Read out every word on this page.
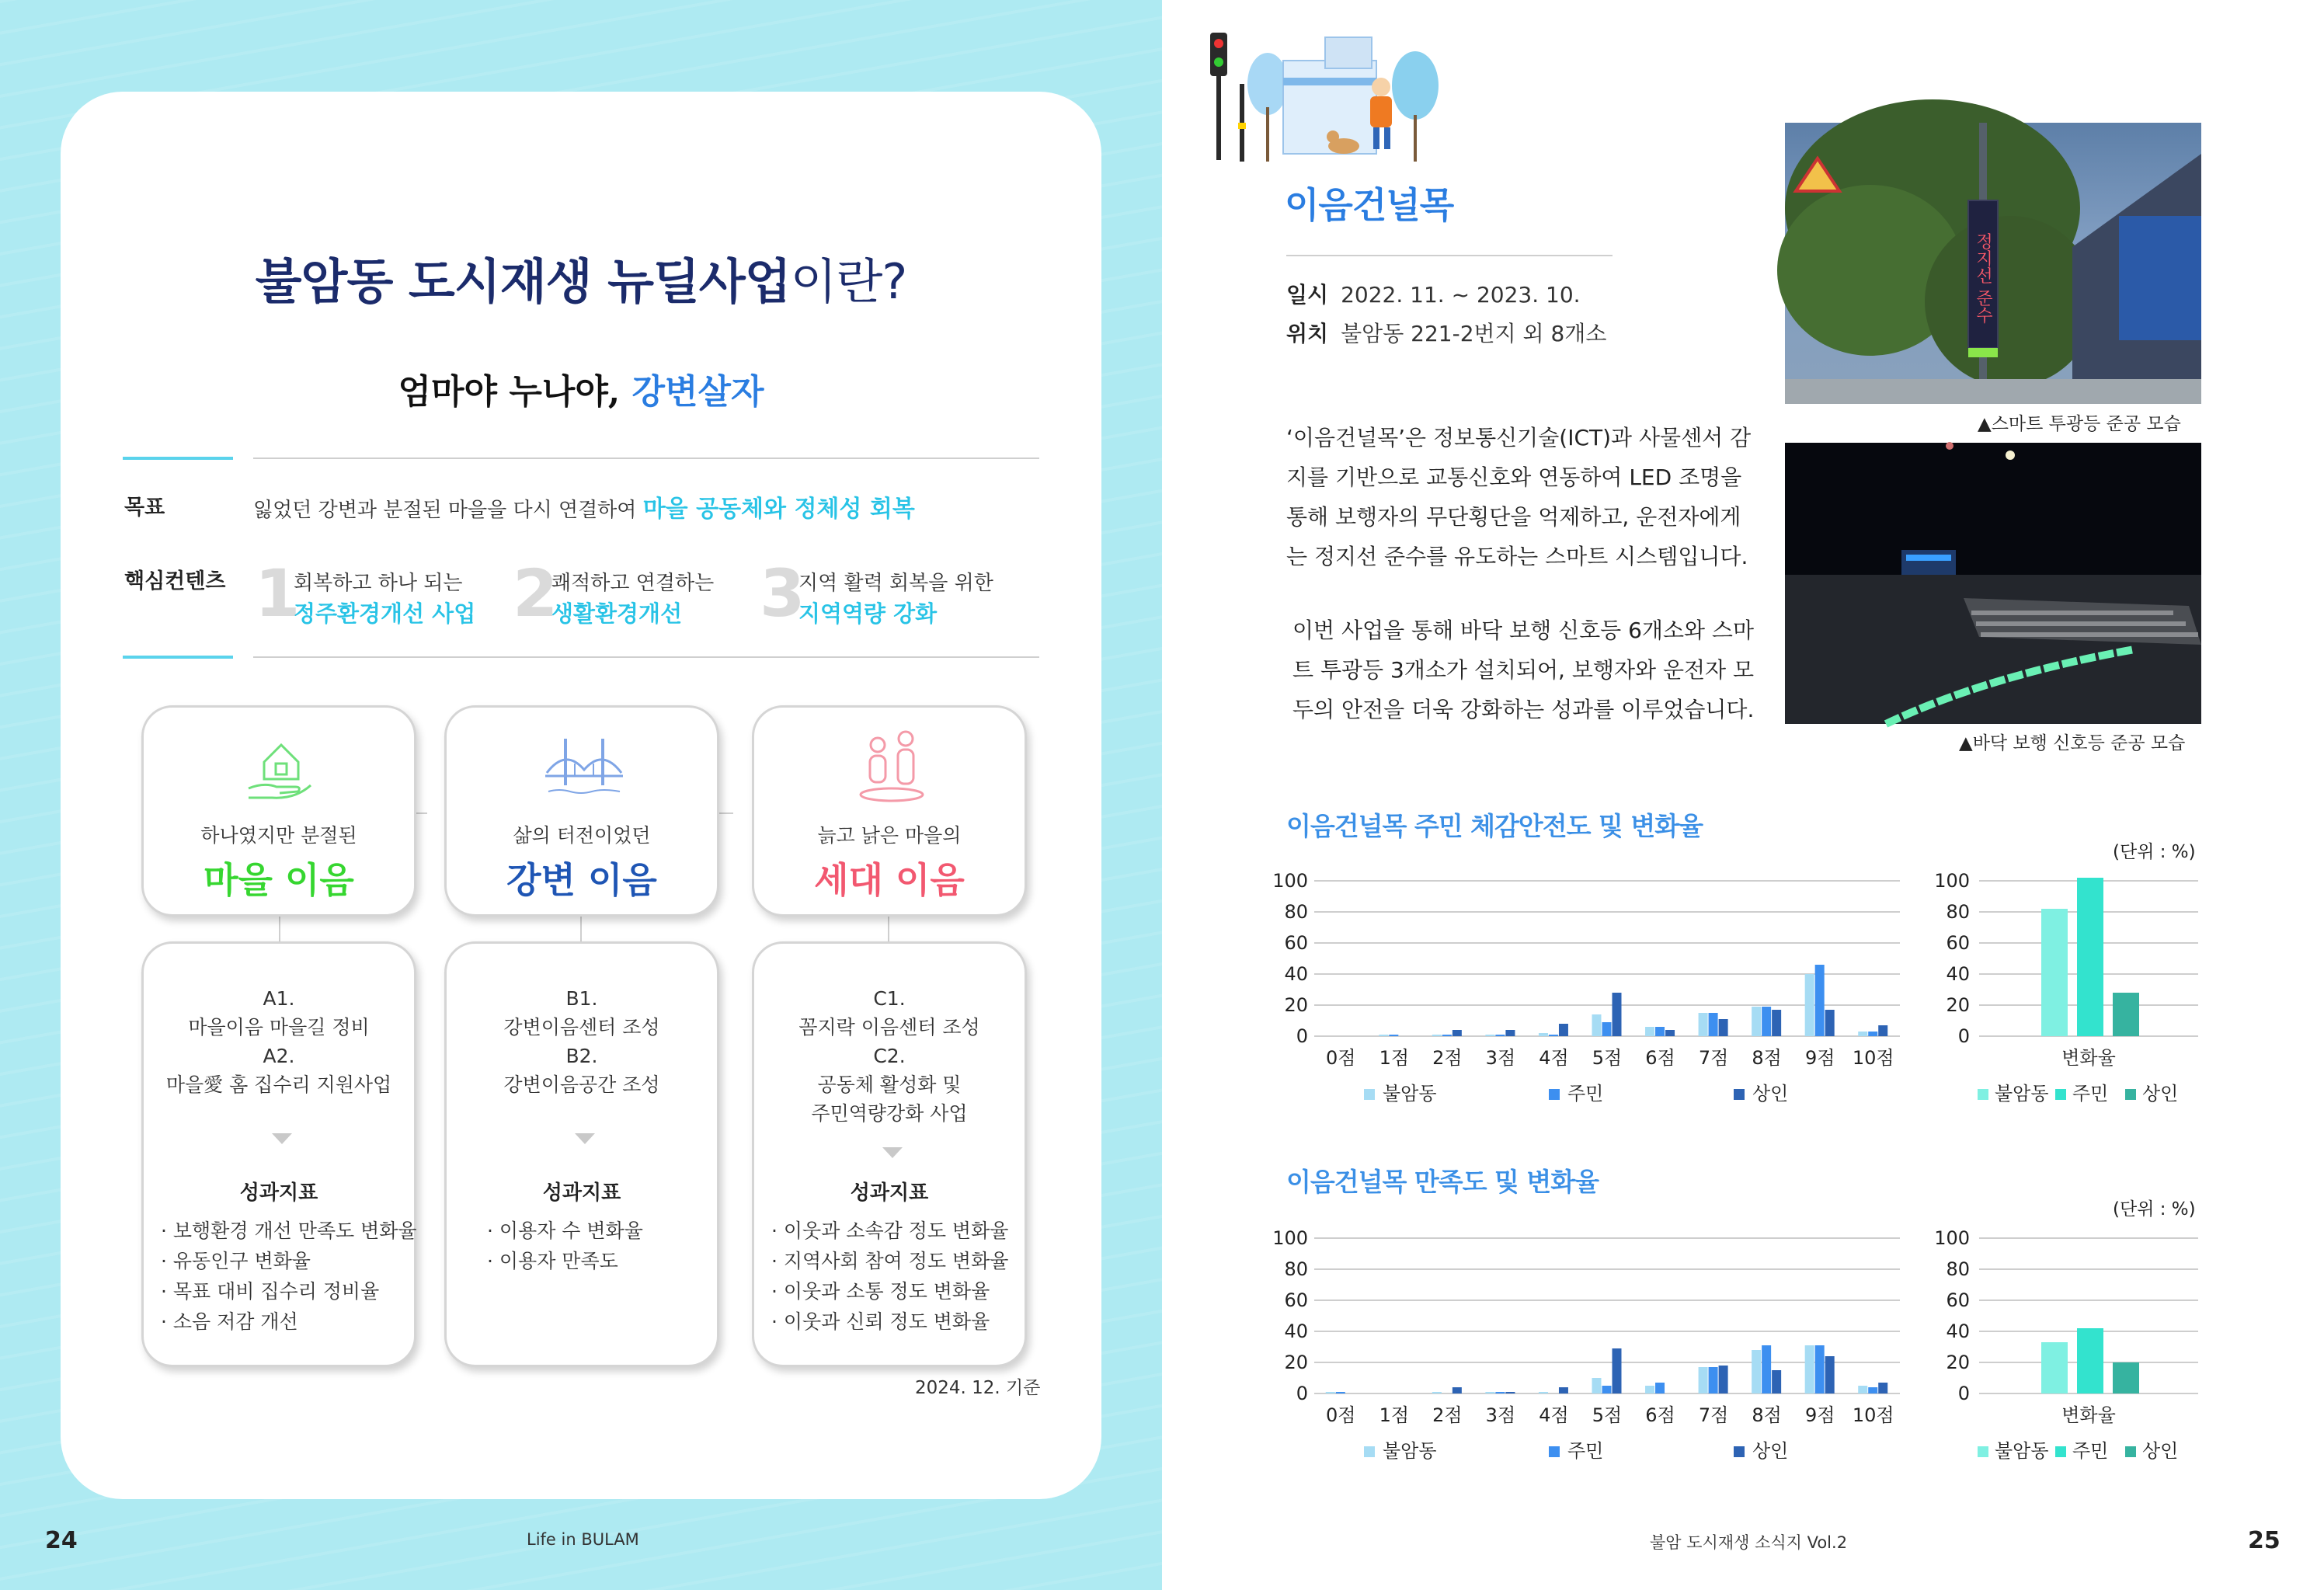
불암동 도시재생 뉴딜사업이란?
엄마야 누나야, 강변살자
목표	잃었던 강변과 분절된 마을을 다시 연결하여 마을 공동체와 정체성 회복
핵심컨텐츠 1
회복하고 하나 되는
정주환경개선 사업 2
쾌적하고 연결하는
생활환경개선 3
지역 활력 회복을 위한
지역역량 강화
하나였지만 분절된
마을 이음
삶의 터전이었던
강변 이음
늙고 낡은 마을의
세대 이음
A1.
마을이음 마을길 정비
A2.
마을愛 홈 집수리 지원사업
성과지표
· 보행환경 개선 만족도 변화율
· 유동인구 변화율
· 목표 대비 집수리 정비율
· 소음 저감 개선
B1.
강변이음센터 조성
B2.
강변이음공간 조성
성과지표
· 이용자 수 변화율
· 이용자 만족도
C1.
꼼지락 이음센터 조성
C2.
공동체 활성화 및
주민역량강화 사업
성과지표
· 이웃과 소속감 정도 변화율
· 지역사회 참여 정도 변화율
· 이웃과 소통 정도 변화율
· 이웃과 신뢰 정도 변화율
2024. 12. 기준
24	Life in BULAM
이음건널목
일시 2022. 11. ~ 2023. 10.
위치 불암동 221-2번지 외 8개소
‘이음건널목’은 정보통신기술(ICT)과 사물센서 감
지를 기반으로 교통신호와 연동하여 LED 조명을
통해 보행자의 무단횡단을 억제하고, 운전자에게
는 정지선 준수를 유도하는 스마트 시스템입니다.
이번 사업을 통해 바닥 보행 신호등 6개소와 스마
트 투광등 3개소가 설치되어, 보행자와 운전자 모
두의 안전을 더욱 강화하는 성과를 이루었습니다.
정지선 준수
▲스마트 투광등 준공 모습
▲바닥 보행 신호등 준공 모습
이음건널목 주민 체감안전도 및 변화율
(단위 : %)
0
20
40
60
80
100
0점 1점 2점 3점 4점 5점 6점 7점 8점 9점 10점
불암동	주민	상인
0
20
40
60
80
100
변화율
불암동 주민 상인
이음건널목 만족도 및 변화율
(단위 : %)
0
20
40
60
80
100
0점 1점 2점 3점 4점 5점 6점 7점 8점 9점 10점
불암동	주민	상인
0
20
40
60
80
100
변화율
불암동 주민 상인
불암 도시재생 소식지 Vol.2	25
